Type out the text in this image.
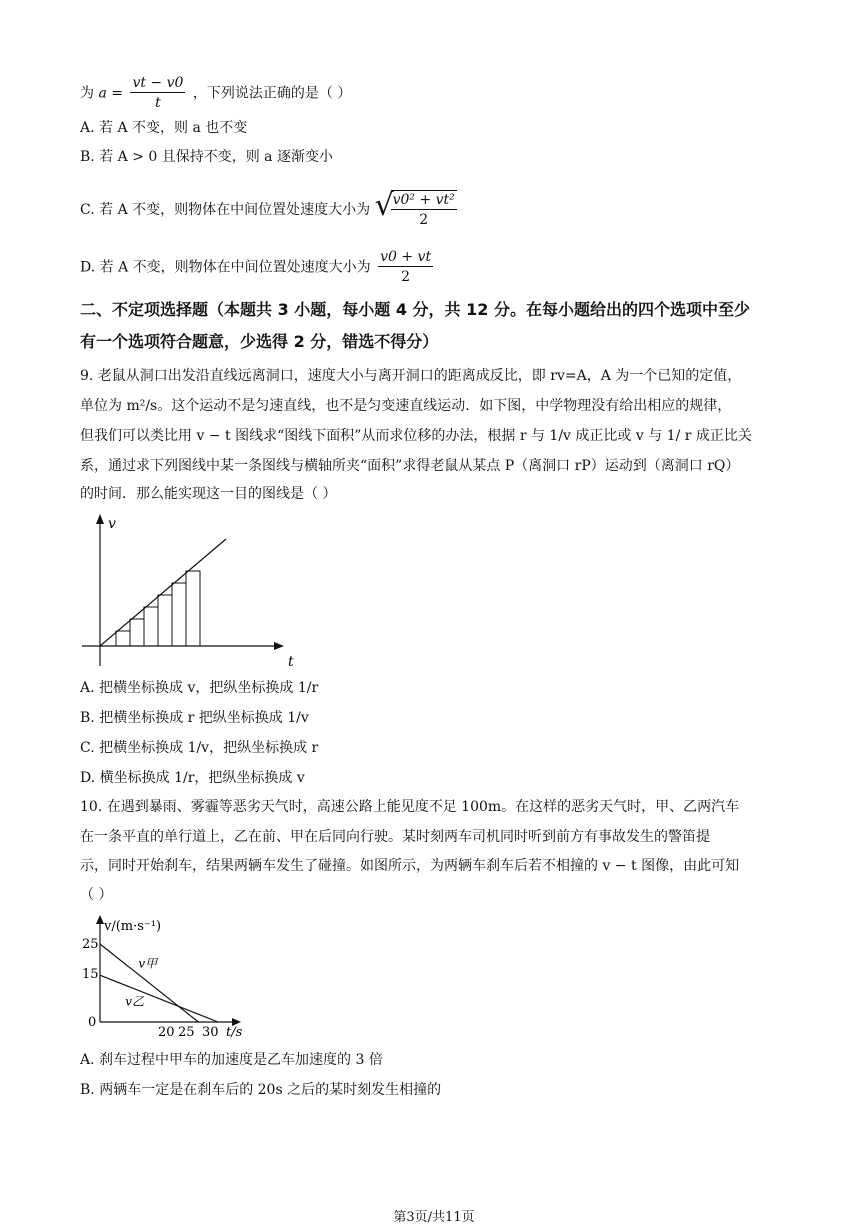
为 $a = \frac{vt - v0}{t}$ ，下列说法正确的是（ ）
A. 若 A 不变，则 a 也不变
B. 若 A > 0 且保持不变，则 a 逐渐变小
C. 若 A 不变，则物体在中间位置处速度大小为 √
$\frac{\text{v0² + vt²}}{2}$
D. 若 A 不变，则物体在中间位置处速度大小为 $\frac{v0 + vt}{2}$
二、不定项选择题（本题共 3 小题，每小题 4 分，共 12 分。在每小题给出的四个选项中至少
有一个选项符合题意，少选得 2 分，错选不得分）
9. 老鼠从洞口出发沿直线远离洞口，速度大小与离开洞口的距离成反比，即 rv=A，A 为一个已知的定值，
单位为 m²/s。这个运动不是匀速直线，也不是匀变速直线运动．如下图，中学物理没有给出相应的规律，
但我们可以类比用 v − t 图线求“图线下面积”从而求位移的办法，根据 r 与 1/v 成正比或 v 与 1/ r 成正比关
系，通过求下列图线中某一条图线与横轴所夹“面积”求得老鼠从某点 P（离洞口 rP）运动到（离洞口 rQ）
的时间．那么能实现这一目的图线是（ ）
v
t
A. 把横坐标换成 v，把纵坐标换成 1/r
B. 把横坐标换成 r 把纵坐标换成 1/v
C. 把横坐标换成 1/v，把纵坐标换成 r
D. 横坐标换成 1/r，把纵坐标换成 v
10. 在遇到暴雨、雾霾等恶劣天气时，高速公路上能见度不足 100m。在这样的恶劣天气时，甲、乙两汽车
在一条平直的单行道上，乙在前、甲在后同向行驶。某时刻两车司机同时听到前方有事故发生的警笛提
示，同时开始刹车，结果两辆车发生了碰撞。如图所示，为两辆车刹车后若不相撞的 v − t 图像，由此可知
（ ）
v/(m·s⁻¹)
t/s
25
15
0
20 25 30
v甲
v乙
A. 刹车过程中甲车的加速度是乙车加速度的 3 倍
B. 两辆车一定是在刹车后的 20s 之后的某时刻发生相撞的
第3页/共11页
